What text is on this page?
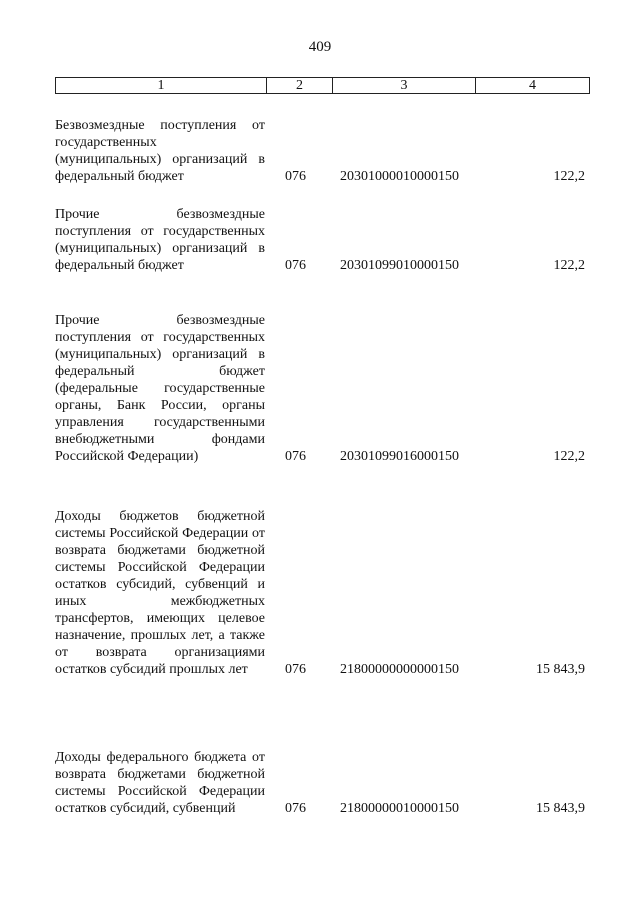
409
1	2	3	4
Безвозмездные поступления от государственных (муниципальных) организаций в федеральный бюджет	076 20301000010000150	122,2
Прочие безвозмездные поступления от государственных (муниципальных) организаций в федеральный бюджет	076 20301099010000150	122,2
Прочие безвозмездные поступления от государственных (муниципальных) организаций в федеральный бюджет (федеральные государственные органы, Банк России, органы управления государственными внебюджетными фондами Российской Федерации)	076 20301099016000150	122,2
Доходы бюджетов бюджетной системы Российской Федерации от возврата бюджетами бюджетной системы Российской Федерации остатков субсидий, субвенций и иных межбюджетных трансфертов, имеющих целевое назначение, прошлых лет, а также от возврата организациями остатков субсидий прошлых лет	076 21800000000000150	15 843,9
Доходы федерального бюджета от возврата бюджетами бюджетной системы Российской Федерации остатков субсидий, субвенций	076 21800000010000150	15 843,9
